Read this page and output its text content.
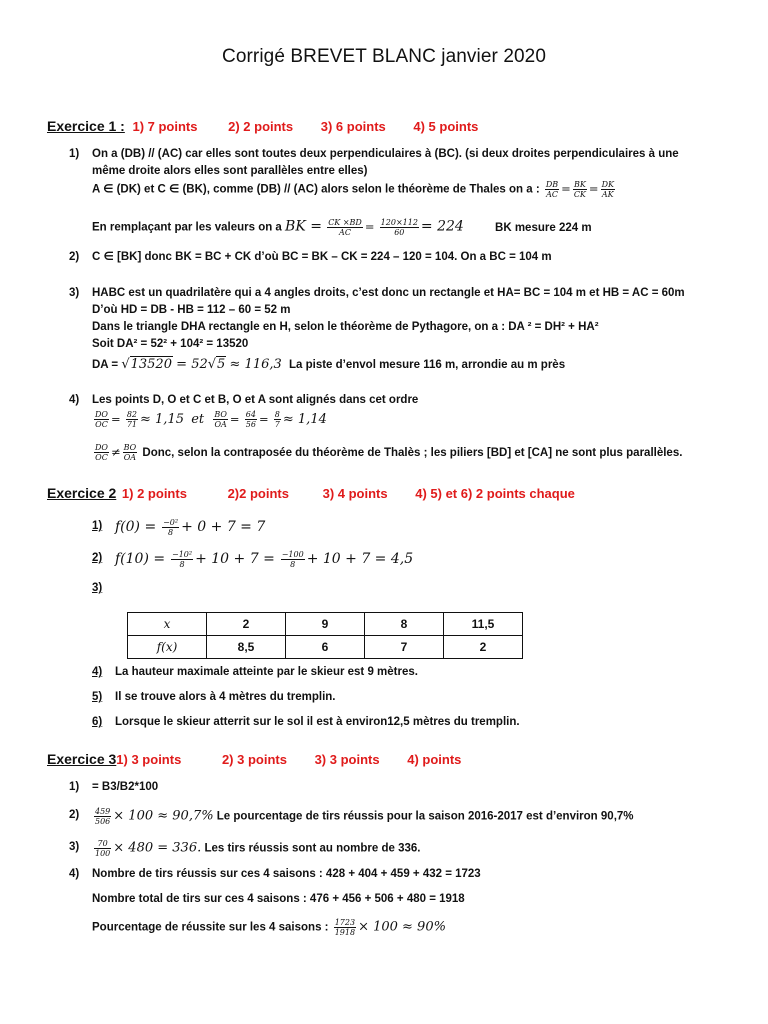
Corrigé BREVET BLANC janvier 2020
Exercice 1 : 1) 7 points 2) 2 points 3) 6 points 4) 5 points
1) On a (DB) // (AC) car elles sont toutes deux perpendiculaires à (BC). (si deux droites perpendiculaires à une
même droite alors elles sont parallèles entre elles)
A ∈ (DK) et C ∈ (BK), comme (DB) // (AC) alors selon le théorème de Thales on a : $\frac{DB}{AC} = \frac{BK}{CK} = \frac{DK}{AK}$
En remplaçant par les valeurs on a BK = $\frac{CK \times BD}{AC} = \frac{120\times 112}{60} = 224$	BK mesure 224 m
2) C ∈ [BK] donc BK = BC + CK d’où BC = BK – CK = 224 – 120 = 104. On a BC = 104 m
3) HABC est un quadrilatère qui a 4 angles droits, c’est donc un rectangle et HA= BC = 104 m et HB = AC = 60m
D’où HD = DB - HB = 112 – 60 = 52 m
Dans le triangle DHA rectangle en H, selon le théorème de Pythagore, on a : DA ² = DH² + HA²
Soit DA² = 52² + 104² = 13520
DA = √13520 = 52√5 ≈ 116,3 La piste d’envol mesure 116 m, arrondie au m près
4) Les points D, O et C et B, O et A sont alignés dans cet ordre
$\frac{DO}{OC} = \frac{82}{71} \approx 1,15$ et $\frac{BO}{OA} = \frac{64}{56} = \frac{8}{7} \approx 1,14$
$\frac{DO}{OC} \ne \frac{BO}{OA}$ Donc, selon la contraposée du théorème de Thalès ; les piliers [BD] et [CA] ne sont plus parallèles.
Exercice 2 1) 2 points	2)2 points	3) 4 points 4) 5) et 6) 2 points chaque
1) $f(0) = \frac{\text{−0²}}{8} + 0 + 7 = 7$
2) $f(10) = \frac{\text{−10²}}{8} + 10 + 7 = \frac{-100}{8} + 10 + 7 = 4,5$
3)
x	2	9	8	11,5
f(x)	8,5	6	7	2
4) La hauteur maximale atteinte par le skieur est 9 mètres.
5) Il se trouve alors à 4 mètres du tremplin.
6) Lorsque le skieur atterrit sur le sol il est à environ12,5 mètres du tremplin.
Exercice 31) 3 points	2) 3 points 3) 3 points 4) points
1) = B3/B2*100
$2) \frac{459}{506} \times 100 \approx 90,7\%$ Le pourcentage de tirs réussis pour la saison 2016-2017 est d’environ 90,7%
$3) \frac{70}{100} \times 480 = 336$. Les tirs réussis sont au nombre de 336.
4) Nombre de tirs réussis sur ces 4 saisons : 428 + 404 + 459 + 432 = 1723
Nombre total de tirs sur ces 4 saisons : 476 + 456 + 506 + 480 = 1918
Pourcentage de réussite sur les 4 saisons : $\frac{1723}{1918} \times 100 \approx 90\%$
